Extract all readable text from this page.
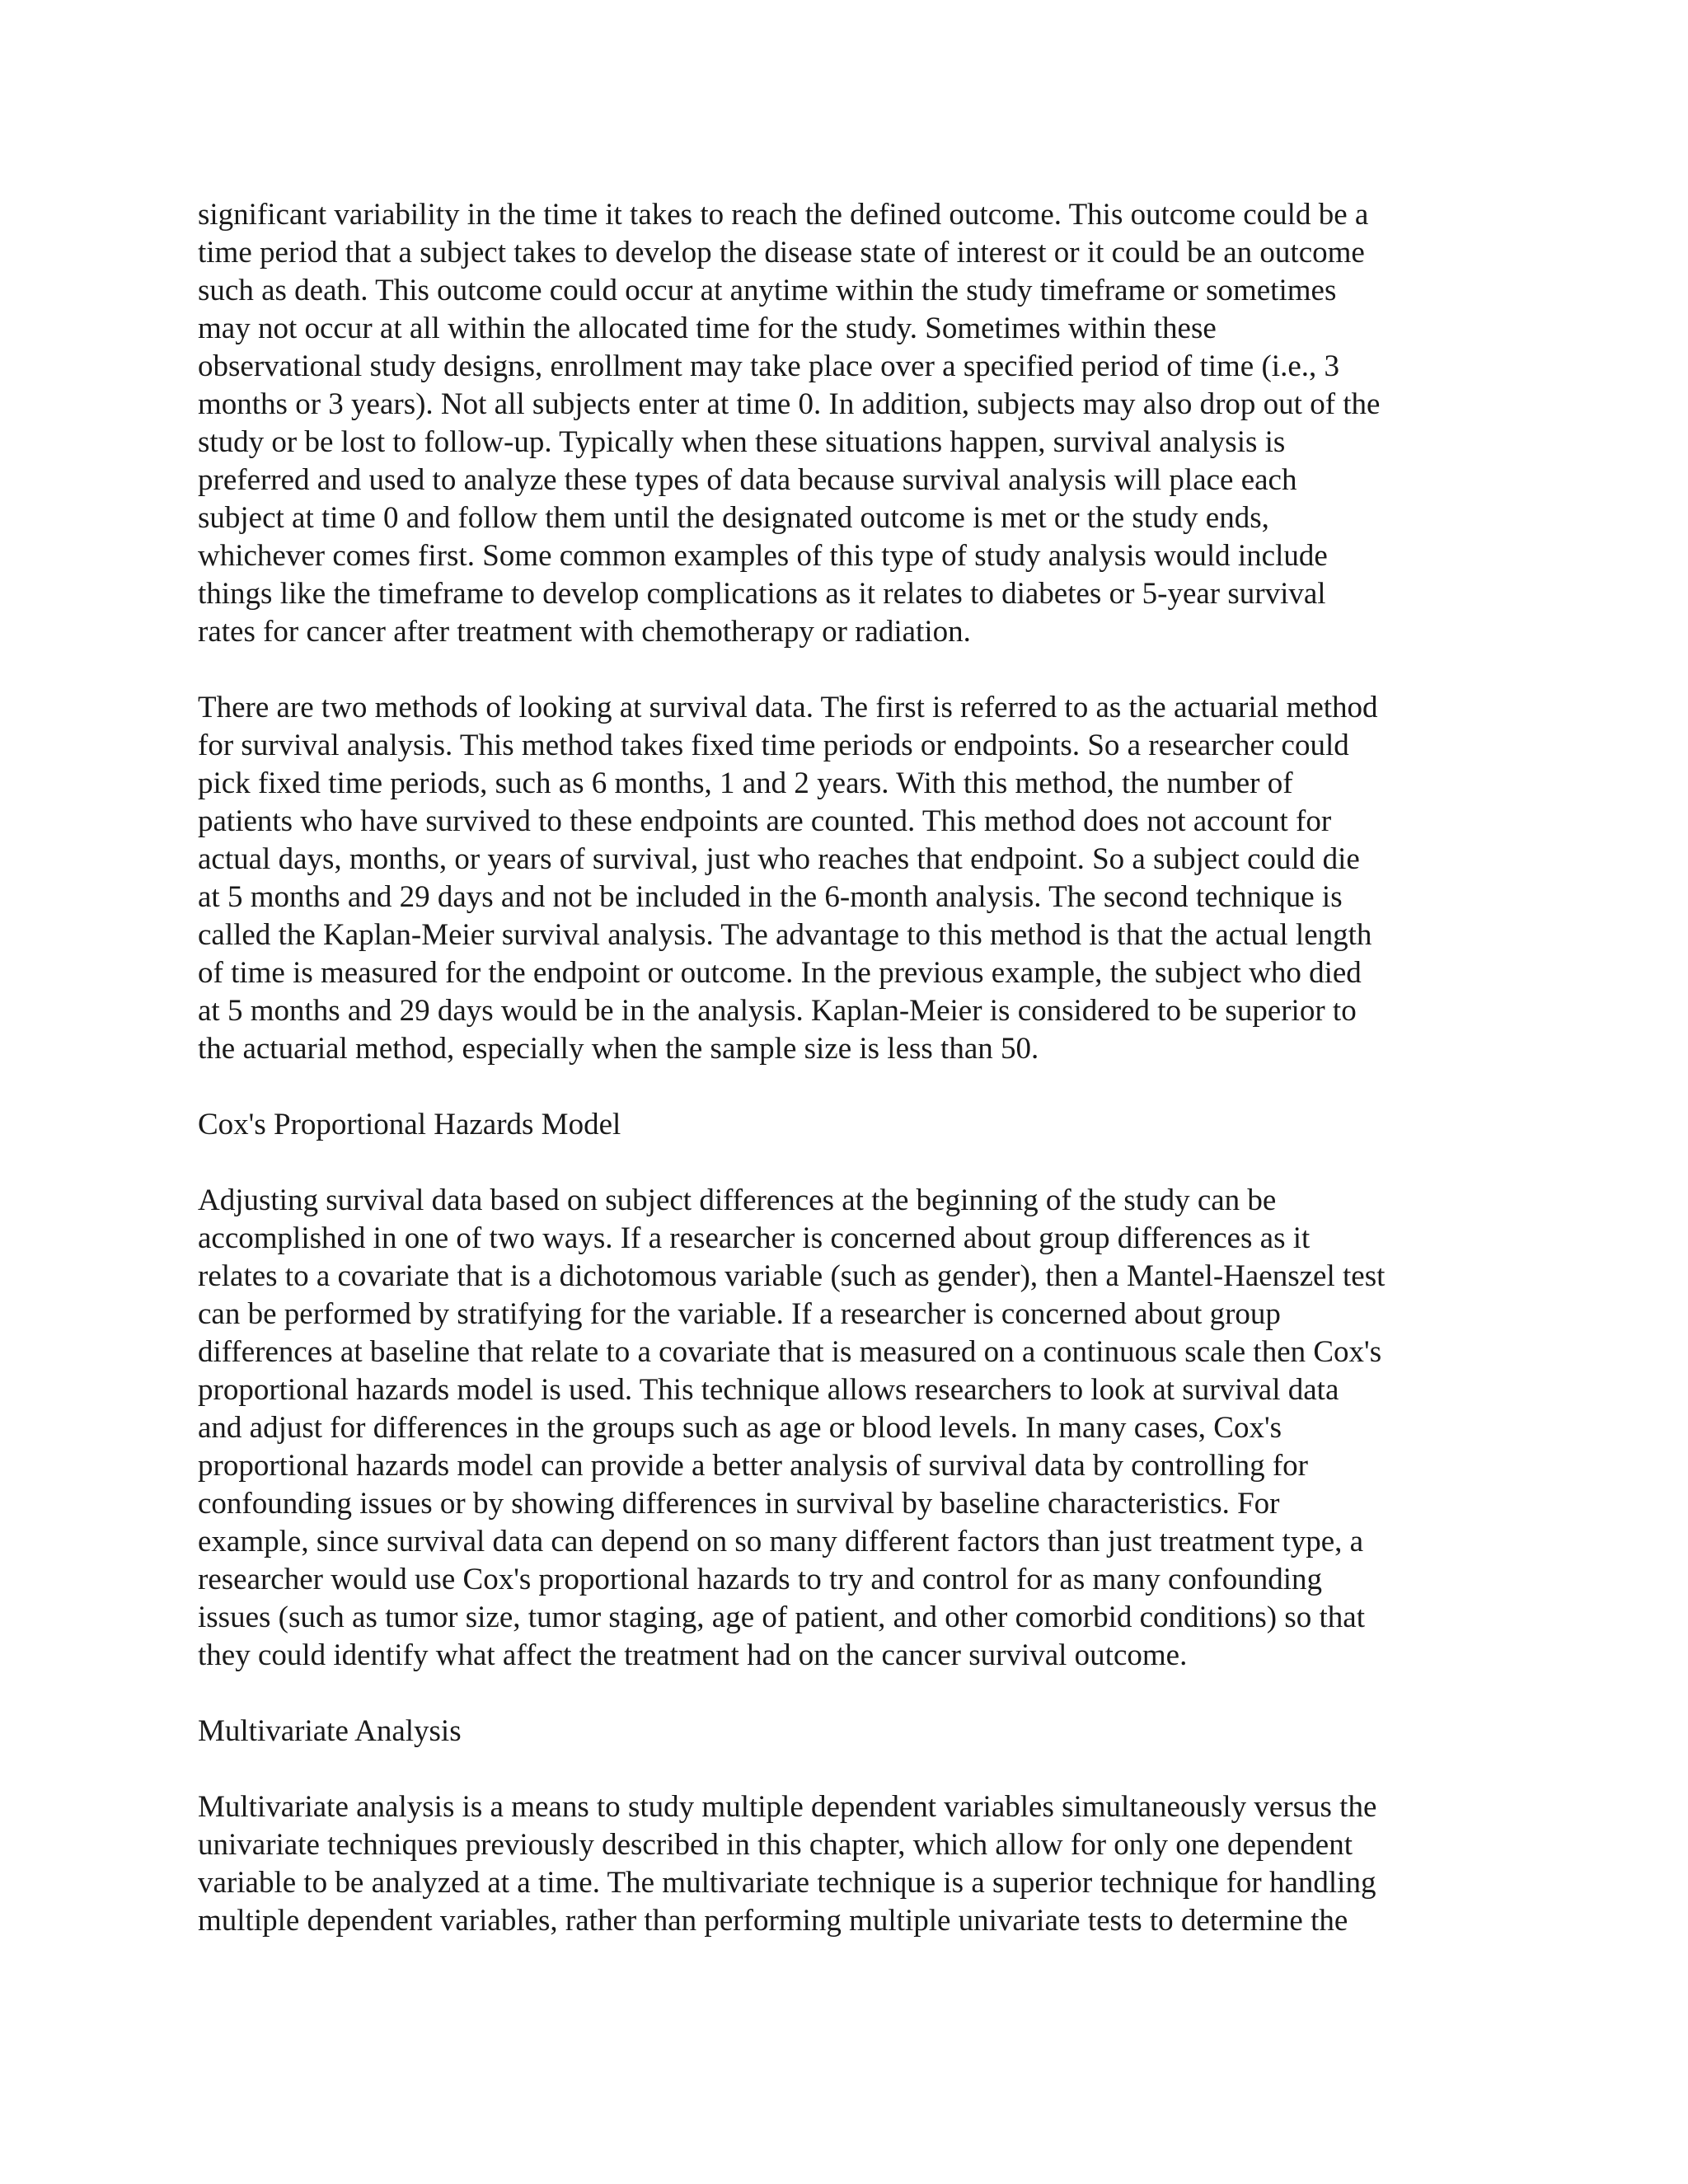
significant variability in the time it takes to reach the defined outcome. This outcome could be a
time period that a subject takes to develop the disease state of interest or it could be an outcome
such as death. This outcome could occur at anytime within the study timeframe or sometimes
may not occur at all within the allocated time for the study. Sometimes within these
observational study designs, enrollment may take place over a specified period of time (i.e., 3
months or 3 years). Not all subjects enter at time 0. In addition, subjects may also drop out of the
study or be lost to follow-up. Typically when these situations happen, survival analysis is
preferred and used to analyze these types of data because survival analysis will place each
subject at time 0 and follow them until the designated outcome is met or the study ends,
whichever comes first. Some common examples of this type of study analysis would include
things like the timeframe to develop complications as it relates to diabetes or 5-year survival
rates for cancer after treatment with chemotherapy or radiation.
There are two methods of looking at survival data. The first is referred to as the actuarial method
for survival analysis. This method takes fixed time periods or endpoints. So a researcher could
pick fixed time periods, such as 6 months, 1 and 2 years. With this method, the number of
patients who have survived to these endpoints are counted. This method does not account for
actual days, months, or years of survival, just who reaches that endpoint. So a subject could die
at 5 months and 29 days and not be included in the 6-month analysis. The second technique is
called the Kaplan-Meier survival analysis. The advantage to this method is that the actual length
of time is measured for the endpoint or outcome. In the previous example, the subject who died
at 5 months and 29 days would be in the analysis. Kaplan-Meier is considered to be superior to
the actuarial method, especially when the sample size is less than 50.
Cox's Proportional Hazards Model
Adjusting survival data based on subject differences at the beginning of the study can be
accomplished in one of two ways. If a researcher is concerned about group differences as it
relates to a covariate that is a dichotomous variable (such as gender), then a Mantel-Haenszel test
can be performed by stratifying for the variable. If a researcher is concerned about group
differences at baseline that relate to a covariate that is measured on a continuous scale then Cox's
proportional hazards model is used. This technique allows researchers to look at survival data
and adjust for differences in the groups such as age or blood levels. In many cases, Cox's
proportional hazards model can provide a better analysis of survival data by controlling for
confounding issues or by showing differences in survival by baseline characteristics. For
example, since survival data can depend on so many different factors than just treatment type, a
researcher would use Cox's proportional hazards to try and control for as many confounding
issues (such as tumor size, tumor staging, age of patient, and other comorbid conditions) so that
they could identify what affect the treatment had on the cancer survival outcome.
Multivariate Analysis
Multivariate analysis is a means to study multiple dependent variables simultaneously versus the
univariate techniques previously described in this chapter, which allow for only one dependent
variable to be analyzed at a time. The multivariate technique is a superior technique for handling
multiple dependent variables, rather than performing multiple univariate tests to determine the
